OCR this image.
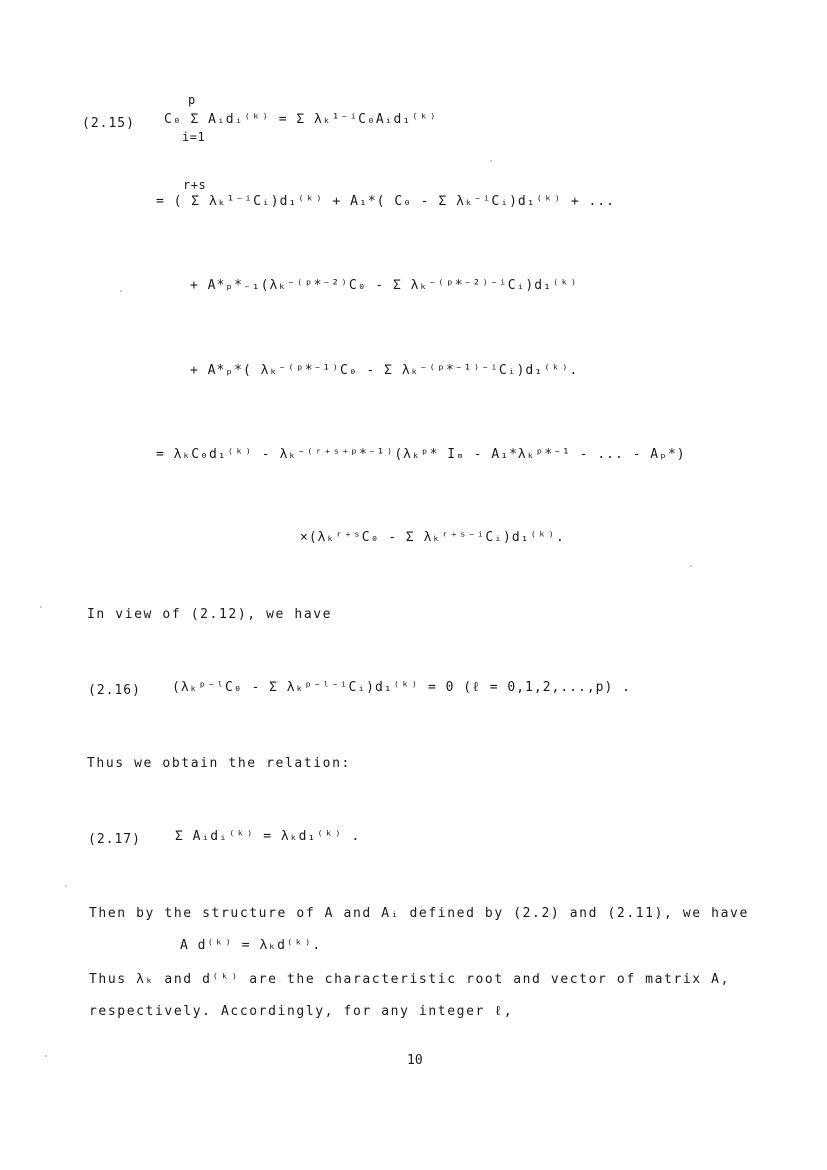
(2.15)
p
i=1
C₀ Σ Aᵢdᵢ⁽ᵏ⁾ = Σ λₖ¹⁻ⁱC₀Aᵢd₁⁽ᵏ⁾
r+s
= ( Σ λₖ¹⁻ⁱCᵢ)d₁⁽ᵏ⁾ + A₁*( C₀ - Σ λₖ⁻ⁱCᵢ)d₁⁽ᵏ⁾ + ...
+ A*ₚ*₋₁(λₖ⁻⁽ᵖ*⁻²⁾C₀ - Σ λₖ⁻⁽ᵖ*⁻²⁾⁻ⁱCᵢ)d₁⁽ᵏ⁾
+ A*ₚ*( λₖ⁻⁽ᵖ*⁻¹⁾C₀ - Σ λₖ⁻⁽ᵖ*⁻¹⁾⁻ⁱCᵢ)d₁⁽ᵏ⁾.
= λₖC₀d₁⁽ᵏ⁾ - λₖ⁻⁽ʳ⁺ˢ⁺ᵖ*⁻¹⁾(λₖᵖ* Iₘ - A₁*λₖᵖ*⁻¹ - ... - Aₚ*)
×(λₖʳ⁺ˢC₀ - Σ λₖʳ⁺ˢ⁻ⁱCᵢ)d₁⁽ᵏ⁾.
In view of (2.12), we have
(2.16) (λₖᵖ⁻ˡC₀ - Σ λₖᵖ⁻ˡ⁻ⁱCᵢ)d₁⁽ᵏ⁾ = 0 (ℓ = 0,1,2,...,p) .
Thus we obtain the relation:
(2.17)	Σ Aᵢdᵢ⁽ᵏ⁾ = λₖd₁⁽ᵏ⁾ .
Then by the structure of A and Aᵢ defined by (2.2) and (2.11), we have
A d⁽ᵏ⁾ = λₖd⁽ᵏ⁾.
Thus λₖ and d⁽ᵏ⁾ are the characteristic root and vector of matrix A,
respectively. Accordingly, for any integer ℓ,
10
